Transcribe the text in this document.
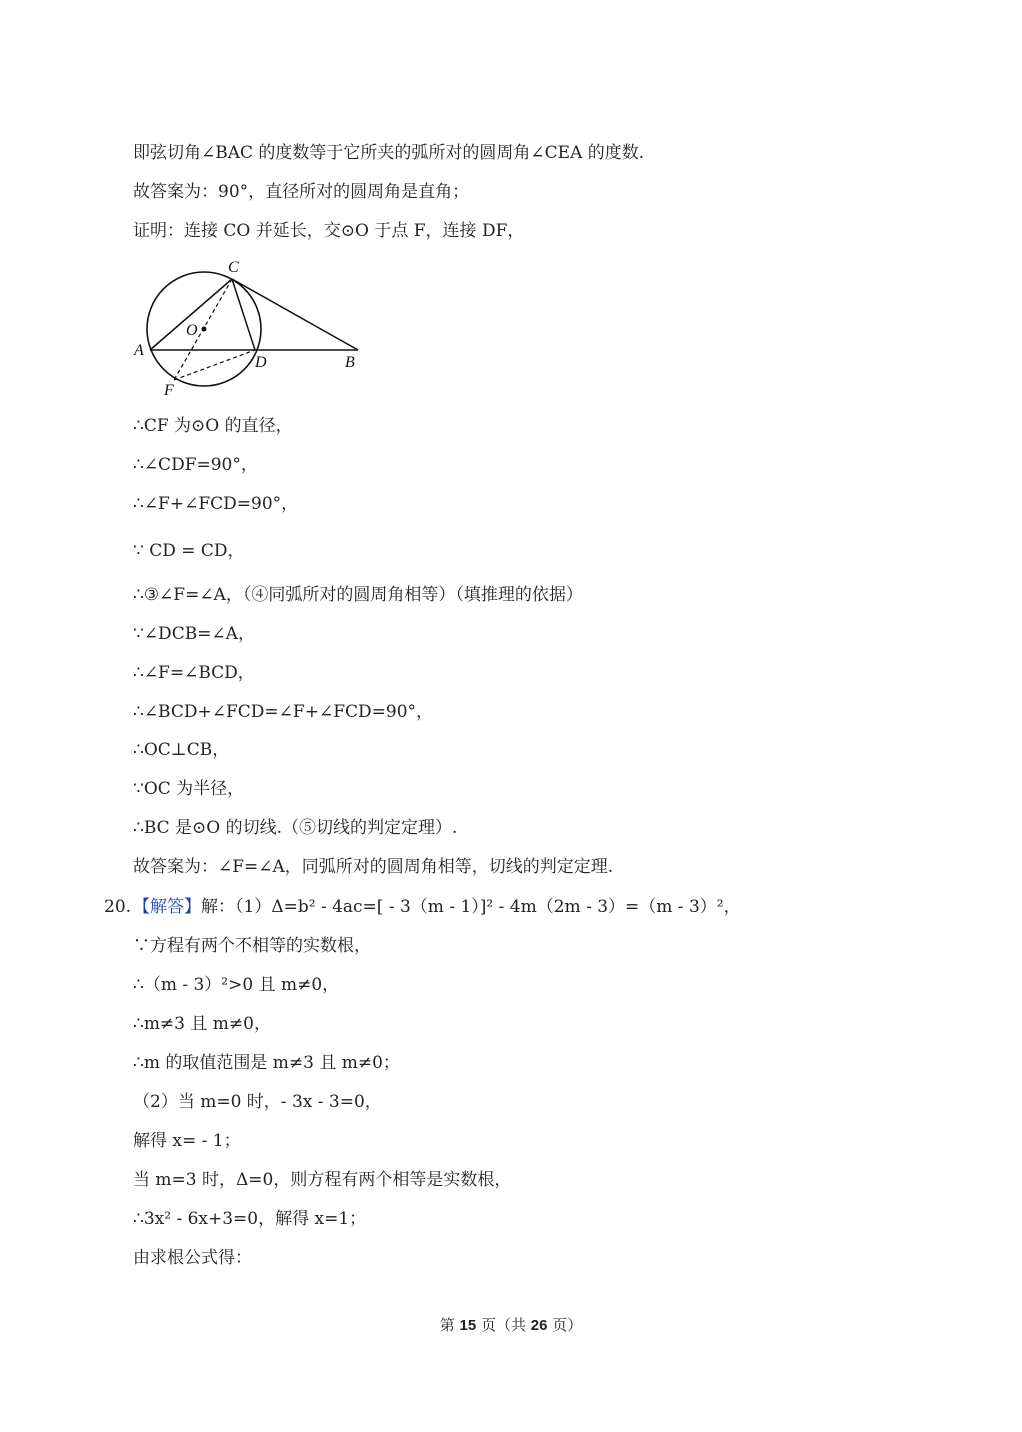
即弦切角∠BAC 的度数等于它所夹的弧所对的圆周角∠CEA 的度数.
故答案为：90°，直径所对的圆周角是直角；
证明：连接 CO 并延长，交⊙O 于点 F，连接 DF，
C
O
A
D	B
F
∴CF 为⊙O 的直径，
∴∠CDF=90°，
∴∠F+∠FCD=90°，
∵ CD = CD，
∴③∠F=∠A，（④同弧所对的圆周角相等）（填推理的依据）
∵∠DCB=∠A，
∴∠F=∠BCD，
∴∠BCD+∠FCD=∠F+∠FCD=90°，
∴OC⊥CB，
∵OC 为半径，
∴BC 是⊙O 的切线.（⑤切线的判定定理）.
故答案为：∠F=∠A，同弧所对的圆周角相等，切线的判定定理.
20. 【解答】解：（1）Δ=b² - 4ac=[ - 3（m - 1）]² - 4m（2m - 3）=（m - 3）²，
∵方程有两个不相等的实数根，
∴（m - 3）²>0 且 m≠0，
∴m≠3 且 m≠0，
∴m 的取值范围是 m≠3 且 m≠0；
（2）当 m=0 时，- 3x - 3=0，
解得 x= - 1；
当 m=3 时，Δ=0，则方程有两个相等是实数根，
∴3x² - 6x+3=0，解得 x=1；
由求根公式得：
第 15 页（共 26 页）
